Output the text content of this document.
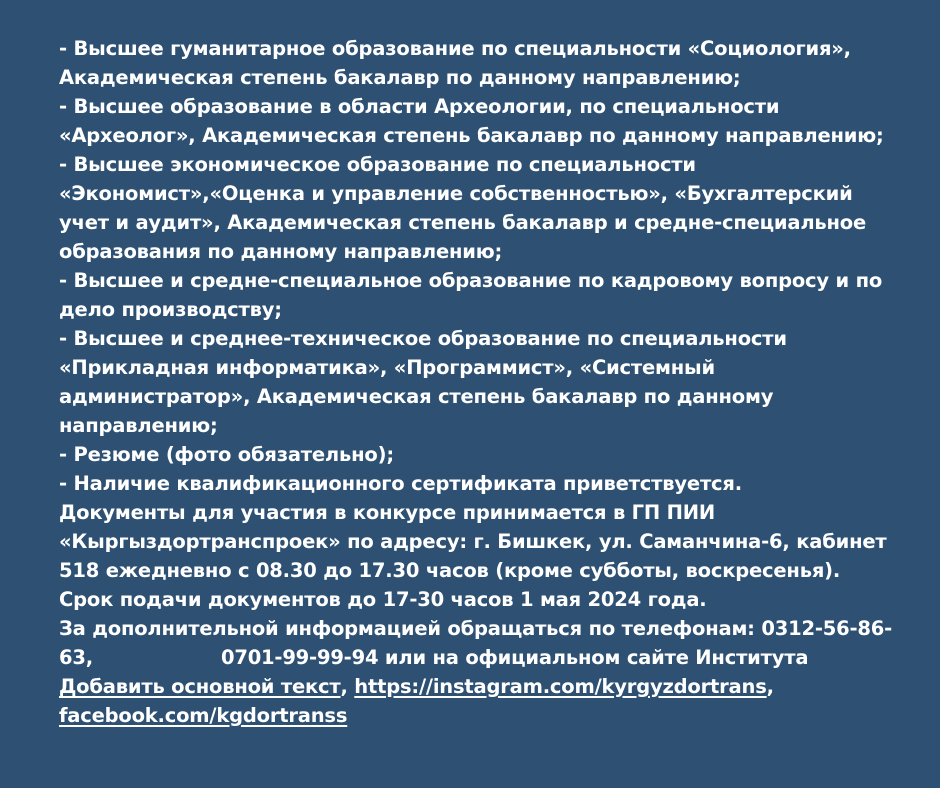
- Высшее гуманитарное образование по специальности «Социология»,
Академическая степень бакалавр по данному направлению;
- Высшее образование в области Археологии, по специальности
«Археолог», Академическая степень бакалавр по данному направлению;
- Высшее экономическое образование по специальности
«Экономист»,«Оценка и управление собственностью», «Бухгалтерский
учет и аудит», Академическая степень бакалавр и средне-специальное
образования по данному направлению;
- Высшее и средне-специальное образование по кадровому вопросу и по
дело производству;
- Высшее и среднее-техническое образование по специальности
«Прикладная информатика», «Программист», «Системный
администратор», Академическая степень бакалавр по данному
направлению;
- Резюме (фото обязательно);
- Наличие квалификационного сертификата приветствуется.
Документы для участия в конкурсе принимается в ГП ПИИ
«Кыргыздортранспроек» по адресу: г. Бишкек, ул. Саманчина-6, кабинет
518 ежедневно с 08.30 до 17.30 часов (кроме субботы, воскресенья).
Срок подачи документов до 17-30 часов 1 мая 2024 года.
За дополнительной информацией обращаться по телефонам: 0312-56-86-
63,	0701-99-99-94 или на официальном сайте Института
Добавить основной текст, https://instagram.com/kyrgyzdortrans,
facebook.com/kgdortranss
